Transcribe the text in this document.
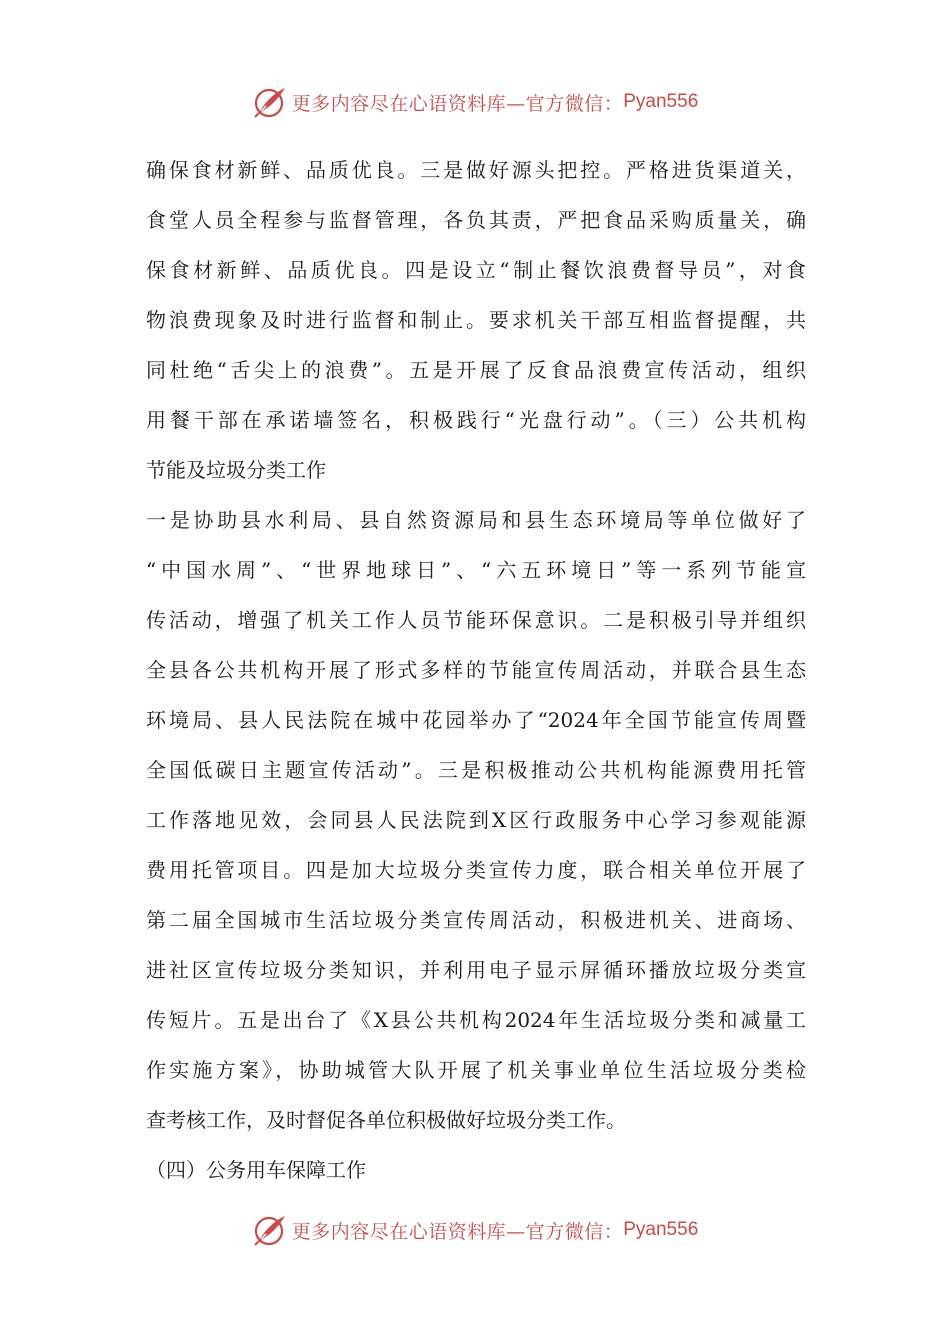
更多内容尽在心语资料库—官方微信： Pyan556
确保食材新鲜、品质优良。三是做好源头把控。严格进货渠道关，
食堂人员全程参与监督管理，各负其责，严把食品采购质量关，确
保食材新鲜、品质优良。四是设立“制止餐饮浪费督导员”，对食
物浪费现象及时进行监督和制止。要求机关干部互相监督提醒，共
同杜绝“舌尖上的浪费”。五是开展了反食品浪费宣传活动，组织
用餐干部在承诺墙签名，积极践行“光盘行动”。（三）公共机构
节能及垃圾分类工作
一是协助县水利局、县自然资源局和县生态环境局等单位做好了
“中国水周”、“世界地球日”、“六五环境日”等一系列节能宣
传活动，增强了机关工作人员节能环保意识。二是积极引导并组织
全县各公共机构开展了形式多样的节能宣传周活动，并联合县生态
环境局、县人民法院在城中花园举办了“2024年全国节能宣传周暨
全国低碳日主题宣传活动”。三是积极推动公共机构能源费用托管
工作落地见效，会同县人民法院到X区行政服务中心学习参观能源
费用托管项目。四是加大垃圾分类宣传力度，联合相关单位开展了
第二届全国城市生活垃圾分类宣传周活动，积极进机关、进商场、
进社区宣传垃圾分类知识，并利用电子显示屏循环播放垃圾分类宣
传短片。五是出台了《X县公共机构2024年生活垃圾分类和减量工
作实施方案》，协助城管大队开展了机关事业单位生活垃圾分类检
查考核工作，及时督促各单位积极做好垃圾分类工作。
（四）公务用车保障工作
更多内容尽在心语资料库—官方微信： Pyan556
